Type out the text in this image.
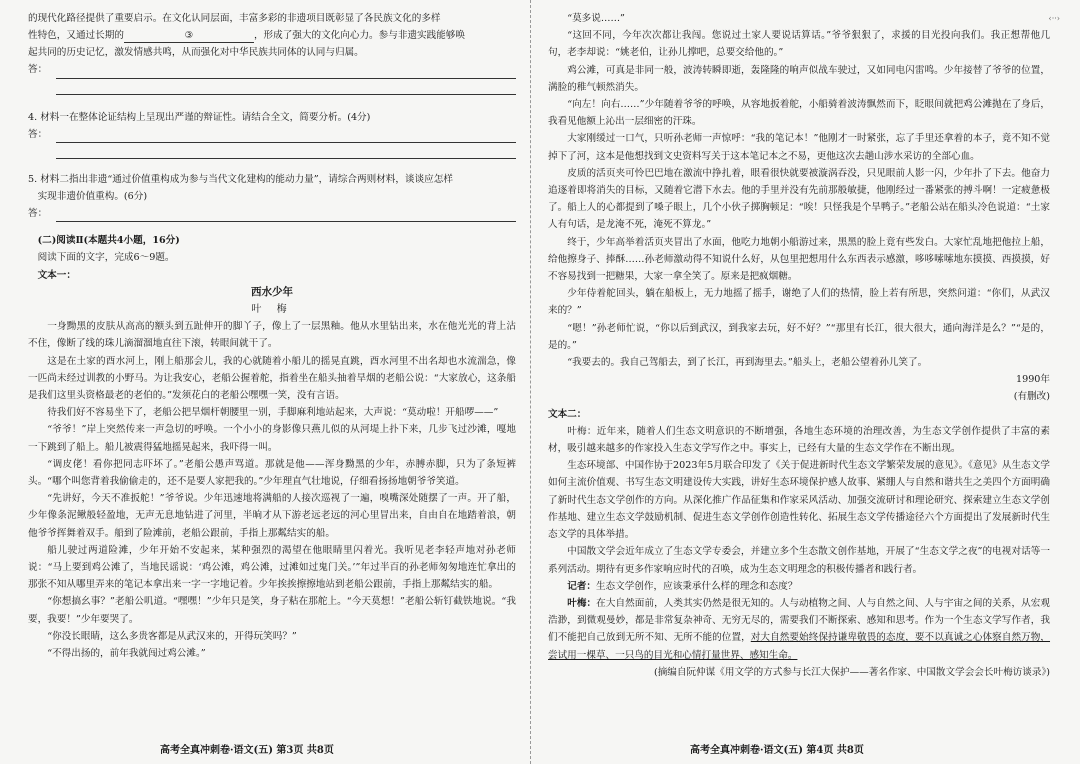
‹··›

的现代化路径提供了重要启示。在文化认同层面，丰富多彩的非遗项目既彰显了各民族文化的多样
性特色，又通过长期的	③	，形成了强大的文化向心力。参与非遗实践能够唤
起共同的历史记忆，激发情感共鸣，从而强化对中华民族共同体的认同与归属。

答：

4. 材料一在整体论证结构上呈现出严谨的辩证性。请结合全文，简要分析。(4分)

答：

5. 材料二指出非遗“通过价值重构成为参与当代文化建构的能动力量”，请综合两则材料，谈谈应怎样
实现非遗价值重构。(6分)

答：

(二)阅读Ⅱ(本题共4小题，16分)

阅读下面的文字，完成6～9题。

文本一：

西水少年

叶 梅

一身黝黑的皮肤从高高的额头到五趾伸开的脚丫子，像上了一层黑釉。他从水里钻出来，水在他光光的背上沾不住，像断了线的珠儿滴溜溜地直往下滚，转眼间就干了。

这是在土家的酉水河上，刚上船那会儿，我的心就随着小船儿的摇晃直跳，酉水河里不出名却也水流湍急，像一匹尚未经过训教的小野马。为让我安心，老船公握着舵，指着坐在船头抽着旱烟的老船公说：“大家放心，这条船是我们这里头资格最老的老伯的。”发须花白的老船公嘿嘿一笑，没有言语。

待我们好不容易坐下了，老船公把旱烟杆朝腰里一别，手脚麻利地站起来，大声说：“莫动啦！开船啰——”

“爷爷！”岸上突然传来一声急切的呼唤。一个小小的身影像只燕儿似的从河堤上扑下来，几步飞过沙滩，嘎地一下跳到了船上。船儿被震得猛地摇晃起来，我吓得一叫。

“调皮佬！看你把同志吓坏了。”老船公愚声骂道。那就是他——浑身黝黑的少年，赤膊赤脚，只为了条短裤头。“哪个叫您背着我偷偷走的，还不是要人家把我的。”少年理直气壮地说，仔细看扬扬地朝爷爷笑道。

“先讲好，今天不准扳舵！”爷爷说。少年迅速地将满船的人接次巡视了一遍，嗅嘴深处随摆了一声。开了船，少年像条泥鳅般轻盈地，无声无息地钻进了河里，半晌才从下游老远老远的河心里冒出来，自由自在地踏着浪，朝他爷爷挥舞着双手。船到了险滩前，老船公跟前，手指上那粼结实的船。

船儿驶过两道险滩，少年开始不安起来，某种强烈的渴望在他眼睛里闪着光。我听见老李轻声地对孙老师说：“马上要到鸡公滩了，当地民谣说：‘鸡公滩，鸡公滩，过滩如过鬼门关。’”年过半百的孙老师匆匆地连忙拿出的那张不知从哪里弄来的笔记本拿出来一字一字地记着。少年挨挨擦擦地站到老船公跟前，手指上那粼结实的船。

“你想搞幺事？”老船公叽道。“嘿嘿！”少年只是笑，身子粘在那舵上。“今天莫想！”老船公斩钉截铁地说。“我要，我要！”少年要哭了。

“你没长眼睛，这么多贵客都是从武汉来的，开得玩笑吗？”

“不得出扬的，前年我就闯过鸡公滩。”

高考全真冲刺卷·语文(五) 第3页 共8页

“莫多说……”

“这回不同，今年次次都让我闯。您说过土家人要说话算话。”爷爷狠狠了，求援的目光投向我们。我正想帮他几句，老李却说：“姚老伯，让孙儿撑吧，总要交给他的。”

鸡公滩，可真是非同一般，波涛转瞬即逝，轰隆隆的响声似战车驶过，又如同电闪雷鸣。少年接替了爷爷的位置，满脸的稚气顿然消失。

“向左！向右……”少年随着爷爷的呼唤，从容地扳着舵，小船骑着波涛飘然而下，眨眼间就把鸡公滩抛在了身后，我看见他额上沁出一层细密的汗珠。

大家刚缓过一口气，只听孙老师一声惊呼：“我的笔记本！”他刚才一时紧张，忘了手里还拿着的本子，竟不知不觉掉下了河，这本是他想找到文史资料写关于这本笔记本之不易，更他这次去趟山涉水采访的全部心血。

皮质的活页夹可怜巴巴地在激流中挣扎着，眼看很快就要被漩涡吞没，只见眼前人影一闪，少年扑了下去。他奋力追逐着即将消失的目标，又随着它潜下水去。他的手里并没有先前那般敏捷，他刚经过一番紧张的搏斗啊！一定疲惫极了。船上人的心都提到了嗓子眼上，几个小伙子掷胸顿足：“唉！只怪我是个旱鸭子。”老船公站在船头冷色说道：“土家人有句话，是龙淹不死，淹死不算龙。”

终于，少年高举着活页夹冒出了水面，他吃力地朝小船游过来，黑黑的脸上竟有些发白。大家忙乱地把他拉上船，给他擦身子、捧酥……孙老师激动得不知说什么好，从包里把想用什么东西表示感激，哆哆嗦嗦地东摸摸、西摸摸，好不容易找到一把糖果，大家一拿全笑了。原来是把疯烟糖。

少年侍着舵回头，躺在船板上，无力地摇了摇手，谢绝了人们的热情，脸上若有所思，突然问道：“你们，从武汉来的？”

“嗯！”孙老师忙说，“你以后到武汉，到我家去玩，好不好？”“那里有长江，很大很大，通向海洋是么？”“是的，是的。”

“我要去的。我自己驾船去，到了长江，再到海里去。”船头上，老船公望着孙儿笑了。

1990年

(有删改)

文本二：

叶梅：近年来，随着人们生态文明意识的不断增强，各地生态环境的治理改善，为生态文学创作提供了丰富的素材，吸引越来越多的作家投入生态文学写作之中。事实上，已经有大量的生态文学作在不断出现。

生态环境部、中国作协于2023年5月联合印发了《关于促进新时代生态文学繁荣发展的意见》。《意见》从生态文学如何主流价值观、书写生态文明建设传大实践，讲好生态环境保护感人故事、紧绷人与自然和谐共生之美四个方面明确了新时代生态文学创作的方向。从深化推广作品征集和作家采风活动、加强交流研讨和理论研究、探索建立生态文学创作基地、建立生态文学鼓励机制、促进生态文学创作创造性转化、拓展生态文学传播途径六个方面提出了发展新时代生态文学的具体举措。

中国散文学会近年成立了生态文学专委会，并建立多个生态散文创作基地，开展了“生态文学之夜”的电视对话等一系列活动。期待有更多作家响应时代的召唤，成为生态文明理念的积极传播者和践行者。

记者：生态文学创作，应该秉承什么样的理念和态度？

叶梅：在大自然面前，人类其实仍然是很无知的。人与动植物之间、人与自然之间、人与宇宙之间的关系，从宏观浩渺，到微观曼妙，都是非常复杂神奇、无穷无尽的，需要我们不断探索、感知和思考。作为一个生态文学写作者，我们不能把自己放到无所不知、无所不能的位置，对大自然要始终保持谦卑敬畏的态度，要不以真诚之心体察自然万物，尝试用一棵草、一只鸟的目光和心情打量世界、感知生命。

(摘编自阮仲谋《用文学的方式参与长江大保护——著名作家、中国散文学会会长叶梅访谈录》)

高考全真冲刺卷·语文(五) 第4页 共8页
